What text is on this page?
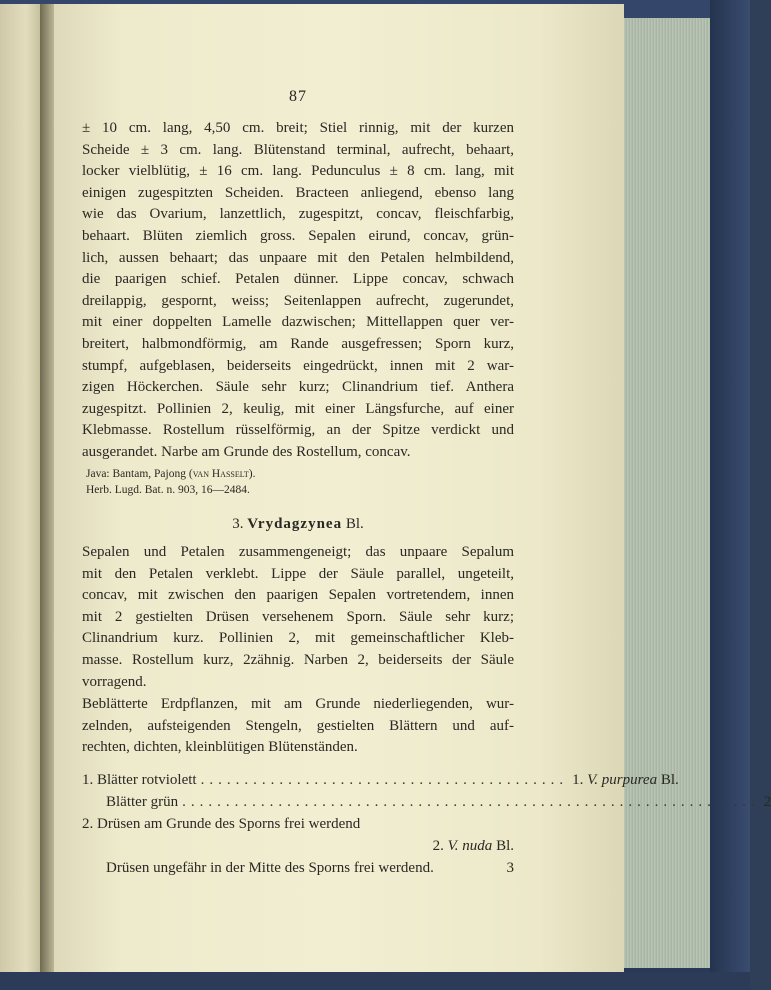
87
± 10 cm. lang, 4,50 cm. breit; Stiel rinnig, mit der kurzen
Scheide ± 3 cm. lang. Blütenstand terminal, aufrecht, behaart,
locker vielblütig, ± 16 cm. lang. Pedunculus ± 8 cm. lang, mit
einigen zugespitzten Scheiden. Bracteen anliegend, ebenso lang
wie das Ovarium, lanzettlich, zugespitzt, concav, fleischfarbig,
behaart. Blüten ziemlich gross. Sepalen eirund, concav, grün-
lich, aussen behaart; das unpaare mit den Petalen helmbildend,
die paarigen schief. Petalen dünner. Lippe concav, schwach
dreilappig, gespornt, weiss; Seitenlappen aufrecht, zugerundet,
mit einer doppelten Lamelle dazwischen; Mittellappen quer ver-
breitert, halbmondförmig, am Rande ausgefressen; Sporn kurz,
stumpf, aufgeblasen, beiderseits eingedrückt, innen mit 2 war-
zigen Höckerchen. Säule sehr kurz; Clinandrium tief. Anthera
zugespitzt. Pollinien 2, keulig, mit einer Längsfurche, auf einer
Klebmasse. Rostellum rüsselförmig, an der Spitze verdickt und
ausgerandet. Narbe am Grunde des Rostellum, concav.
Java: Bantam, Pajong (van Hasselt).
Herb. Lugd. Bat. n. 903, 16—2484.
3. Vrydagzynea Bl.
Sepalen und Petalen zusammengeneigt; das unpaare Sepalum
mit den Petalen verklebt. Lippe der Säule parallel, ungeteilt,
concav, mit zwischen den paarigen Sepalen vortretendem, innen
mit 2 gestielten Drüsen versehenem Sporn. Säule sehr kurz;
Clinandrium kurz. Pollinien 2, mit gemeinschaftlicher Kleb-
masse. Rostellum kurz, 2zähnig. Narben 2, beiderseits der Säule
vorragend.
Beblätterte Erdpflanzen, mit am Grunde niederliegenden, wur-
zelnden, aufsteigenden Stengeln, gestielten Blättern und auf-
rechten, dichten, kleinblütigen Blütenständen.
1.
Blätter rotviolett .......................................... 1. V. purpurea Bl.
Blätter grün .................................................................. 2
2.
Drüsen am Grunde des Sporns frei werdend
2. V. nuda Bl.
Drüsen ungefähr in der Mitte des Sporns frei werdend.	3
